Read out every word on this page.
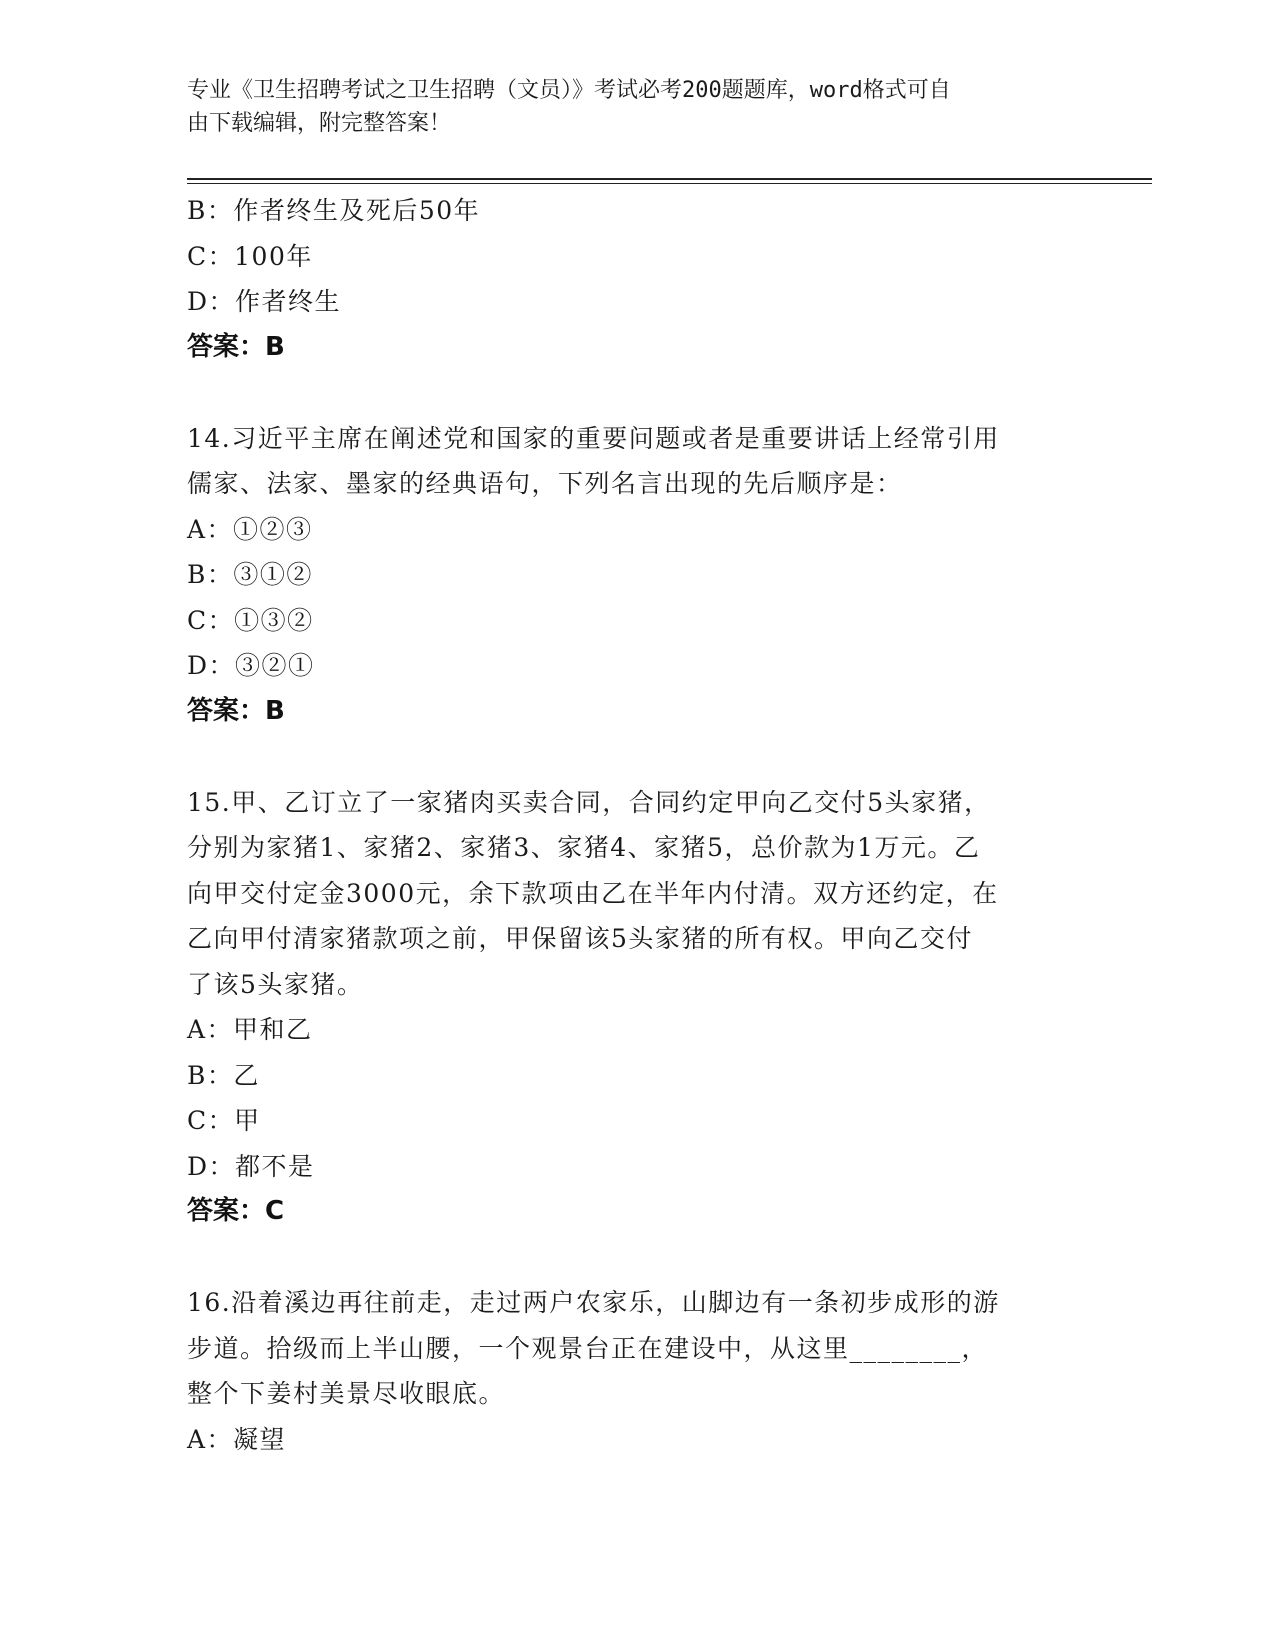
专业《卫生招聘考试之卫生招聘（文员）》考试必考200题题库，word格式可自
由下载编辑，附完整答案！
B：作者终生及死后50年
C：100年
D：作者终生
答案：B
14.习近平主席在阐述党和国家的重要问题或者是重要讲话上经常引用
儒家、法家、墨家的经典语句，下列名言出现的先后顺序是：
A：①②③
B：③①②
C：①③②
D：③②①
答案：B
15.甲、乙订立了一家猪肉买卖合同，合同约定甲向乙交付5头家猪，
分别为家猪1、家猪2、家猪3、家猪4、家猪5，总价款为1万元。乙
向甲交付定金3000元，余下款项由乙在半年内付清。双方还约定，在
乙向甲付清家猪款项之前，甲保留该5头家猪的所有权。甲向乙交付
了该5头家猪。
A：甲和乙
B：乙
C：甲
D：都不是
答案：C
16.沿着溪边再往前走，走过两户农家乐，山脚边有一条初步成形的游
步道。拾级而上半山腰，一个观景台正在建设中，从这里________，
整个下姜村美景尽收眼底。
A：凝望
